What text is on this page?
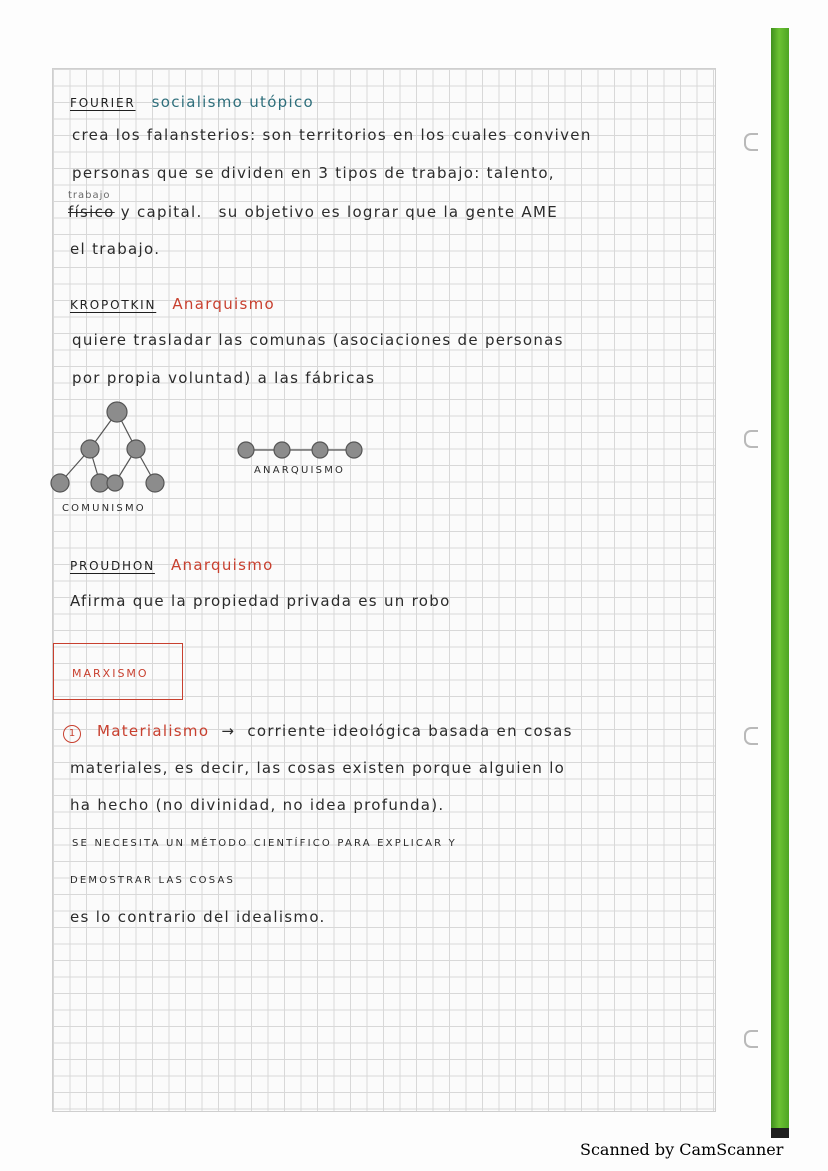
FOURIER socialismo utópico
crea los falansterios: son territorios en los cuales conviven
personas que se dividen en 3 tipos de trabajo: talento,
trabajo
físico y capital. su objetivo es lograr que la gente AME
el trabajo.
KROPOTKIN Anarquismo
quiere trasladar las comunas (asociaciones de personas
por propia voluntad) a las fábricas
COMUNISMO
ANARQUISMO
PROUDHON Anarquismo
Afirma que la propiedad privada es un robo
MARXISMO
1	Materialismo → corriente ideológica basada en cosas
materiales, es decir, las cosas existen porque alguien lo
ha hecho (no divinidad, no idea profunda).
SE NECESITA UN MÉTODO CIENTÍFICO PARA EXPLICAR Y
DEMOSTRAR LAS COSAS
es lo contrario del idealismo.
Scanned by CamScanner
